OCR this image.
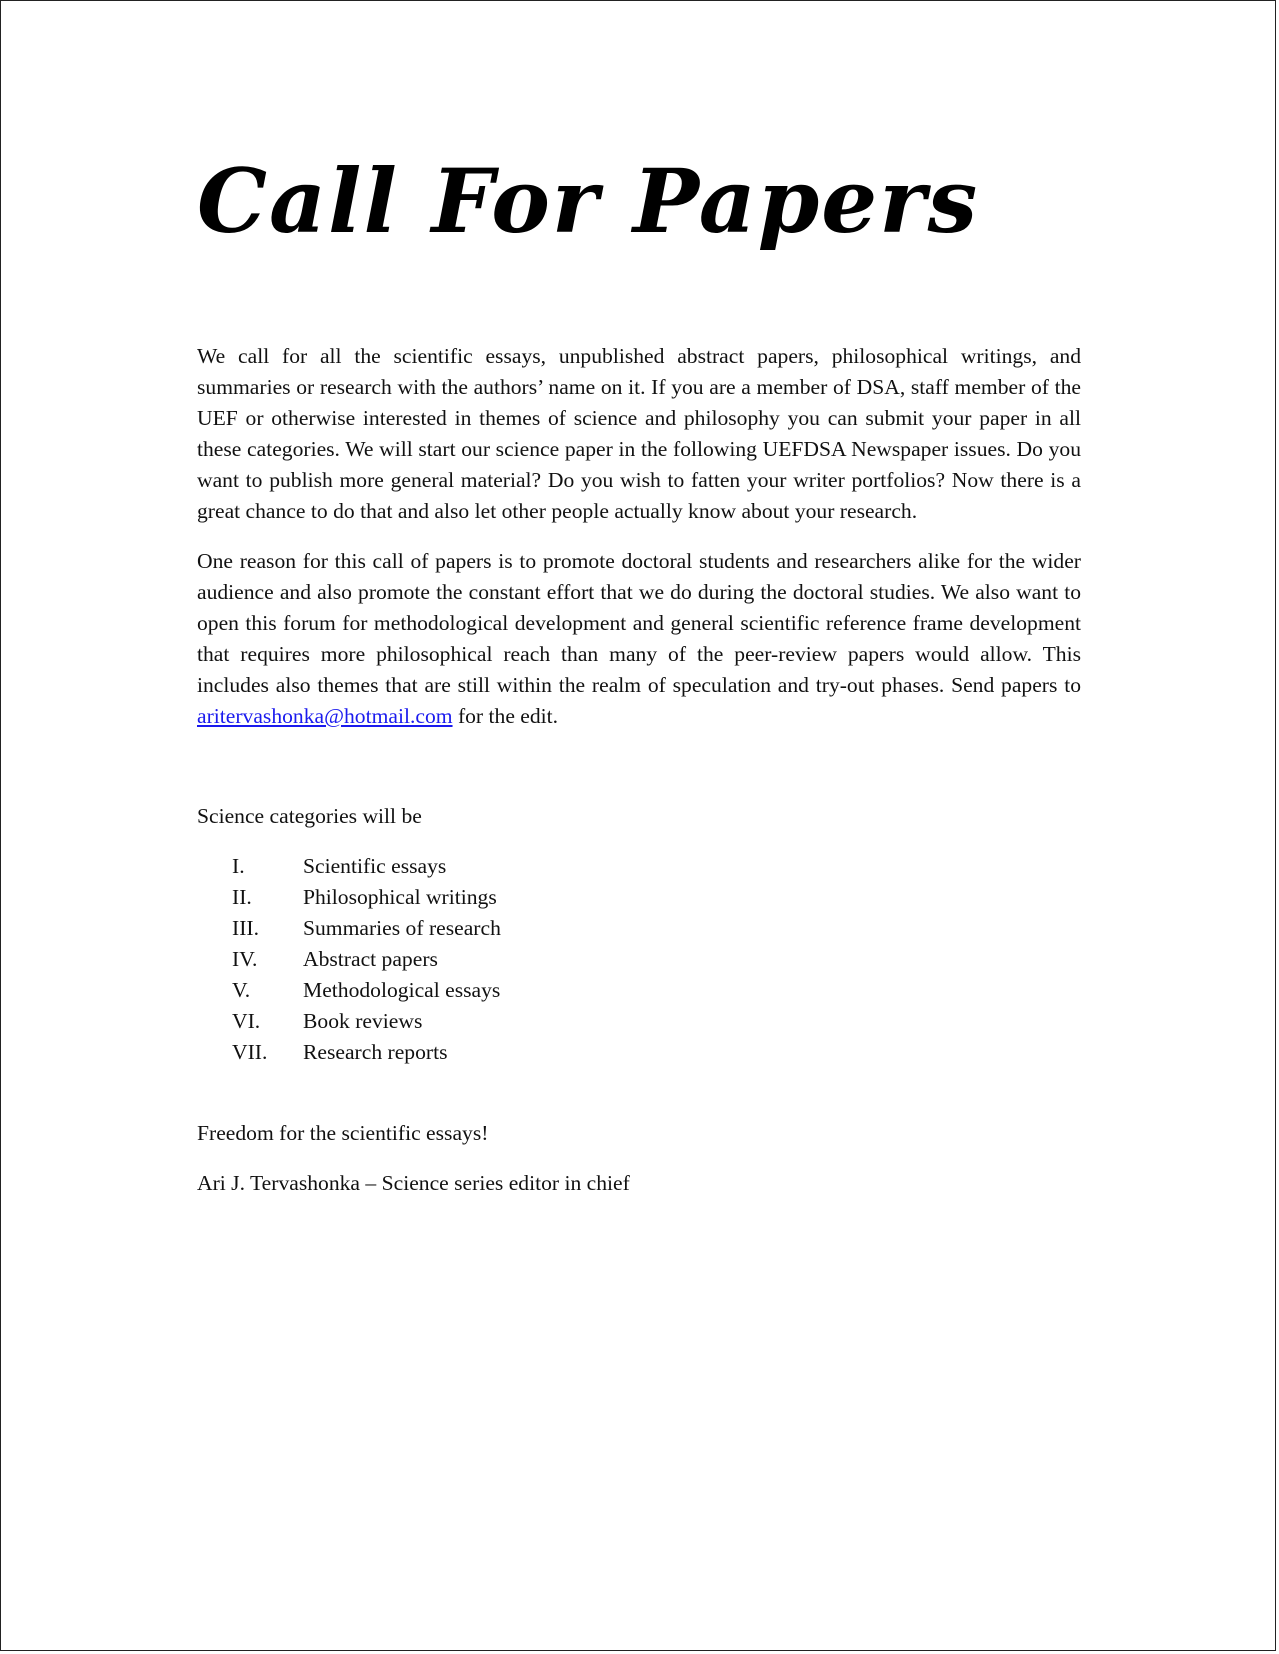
Call For Papers

We call for all the scientific essays, unpublished abstract papers, philosophical writings, and summaries or research with the authors’ name on it. If you are a member of DSA, staff member of the UEF or otherwise interested in themes of science and philosophy you can submit your paper in all these categories. We will start our science paper in the following UEFDSA Newspaper issues. Do you want to publish more general material? Do you wish to fatten your writer portfolios? Now there is a great chance to do that and also let other people actually know about your research.

One reason for this call of papers is to promote doctoral students and researchers alike for the wider audience and also promote the constant effort that we do during the doctoral studies. We also want to open this forum for methodological development and general scientific reference frame development that requires more philosophical reach than many of the peer-review papers would allow. This includes also themes that are still within the realm of speculation and try-out phases. Send papers to aritervashonka@hotmail.com for the edit.

Science categories will be

I.	Scientific essays
II.	Philosophical writings
III.	Summaries of research
IV.	Abstract papers
V.	Methodological essays
VI.	Book reviews
VII.	Research reports

Freedom for the scientific essays!

Ari J. Tervashonka – Science series editor in chief
